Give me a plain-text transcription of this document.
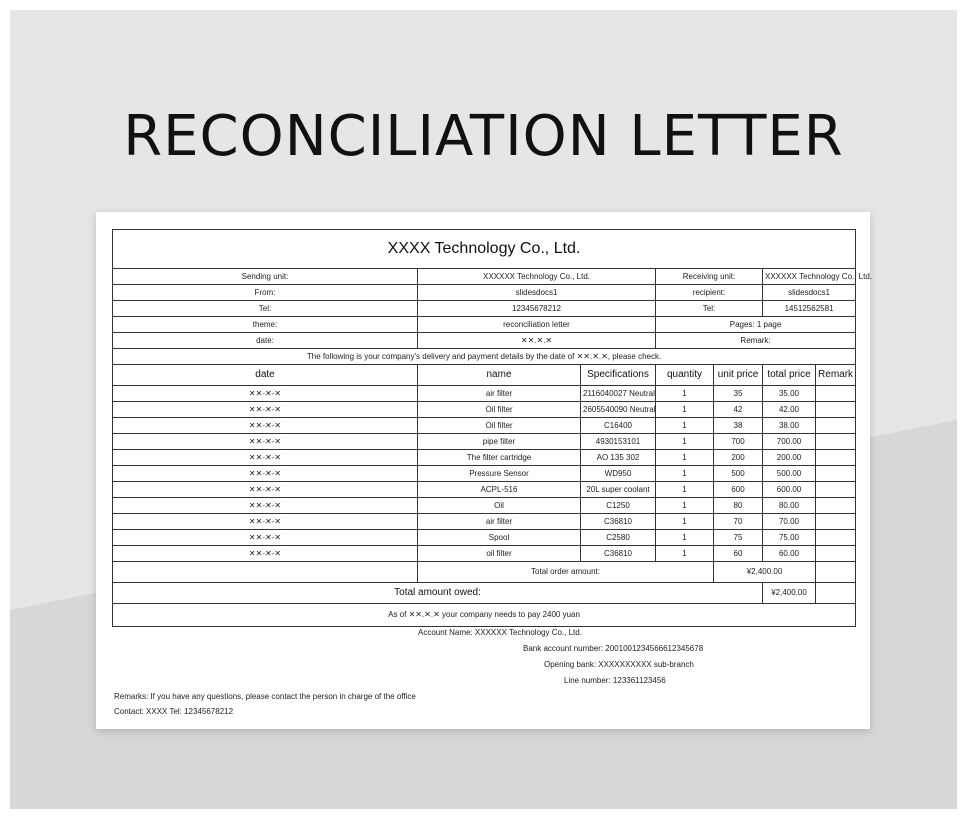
RECONCILIATION LETTER
XXXX Technology Co., Ltd.						
Sending unit:	XXXXXX Technology Co., Ltd.		Receiving unit:		XXXXXX Technology Co., Ltd.	
From:	slidesdocs1		recipient:		slidesdocs1	
Tel:	12345678212		Tel:		14512562581	
theme:	reconciliation letter		Pages: 1 page			
date:	✕✕.✕.✕		Remark:			
The following is your company's delivery and payment details by the date of ✕✕.✕.✕, please check.						
date	name	Specifications	quantity	unit price	total price	Remark
✕✕-✕-✕	air filter	2116040027 Neutral	1	35	35.00	
✕✕-✕-✕	Oil filter	2605540090 Neutral	1	42	42.00	
✕✕-✕-✕	Oil filter	C16400	1	38	38.00	
✕✕-✕-✕	pipe filter	4930153101	1	700	700.00	
✕✕-✕-✕	The filter cartridge	AO 135 302	1	200	200.00	
✕✕-✕-✕	Pressure Sensor	WD950	1	500	500.00	
✕✕-✕-✕	ACPL-516	20L super coolant	1	600	600.00	
✕✕-✕-✕	Oil	C1250	1	80	80.00	
✕✕-✕-✕	air filter	C36810	1	70	70.00	
✕✕-✕-✕	Spool	C2580	1	75	75.00	
✕✕-✕-✕	oil filter	C36810	1	60	60.00	
	Total order amount:			¥2,400.00		
Total amount owed:					¥2,400.00	
As of ✕✕.✕.✕ your company needs to pay 2400 yuan						
Account Name: XXXXXX Technology Co., Ltd.
Bank account number: 2001001234566612345678
Opening bank: XXXXXXXXXX sub-branch
Line number: 123361123456
Remarks: If you have any questions, please contact the person in charge of the office
Contact: XXXX Tel: 12345678212
